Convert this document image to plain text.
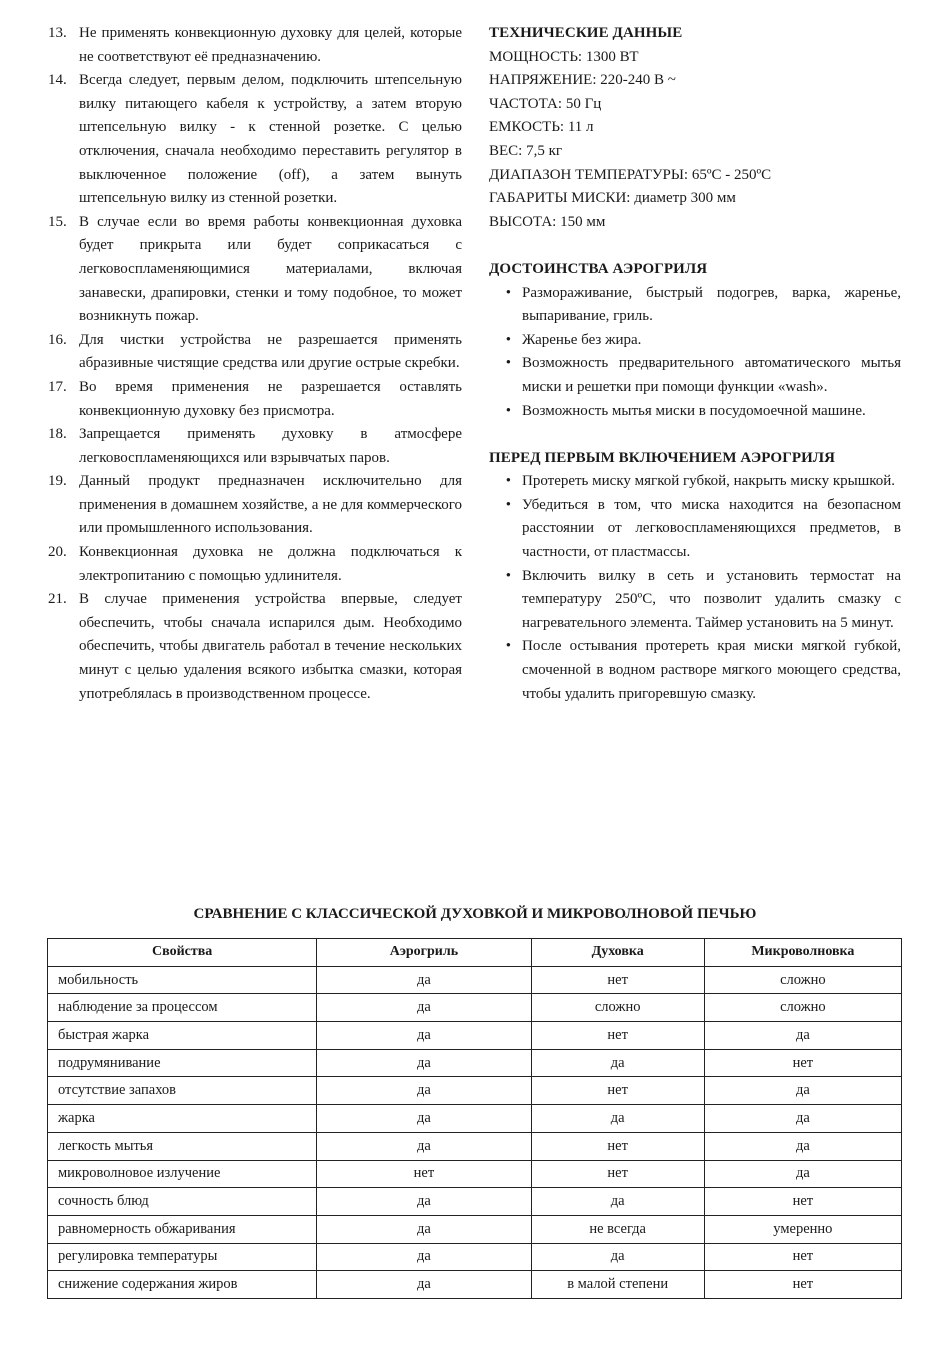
13. Не применять конвекционную духовку для целей, которые не соответствуют её предназначению.
14. Всегда следует, первым делом, подключить штепсельную вилку питающего кабеля к устройству, а затем вторую штепсельную вилку - к стенной розетке. С целью отключения, сначала необходимо переставить регулятор в выключенное положение (off), а затем вынуть штепсельную вилку из стенной розетки.
15. В случае если во время работы конвекционная духовка будет прикрыта или будет соприкасаться с легковоспламеняющимися материалами, включая занавески, драпировки, стенки и тому подобное, то может возникнуть пожар.
16. Для чистки устройства не разрешается применять абразивные чистящие средства или другие острые скребки.
17. Во время применения не разрешается оставлять конвекционную духовку без присмотра.
18. Запрещается применять духовку в атмосфере легковоспламеняющихся или взрывчатых паров.
19. Данный продукт предназначен исключительно для применения в домашнем хозяйстве, а не для коммерческого или промышленного использования.
20. Конвекционная духовка не должна подключаться к электропитанию с помощью удлинителя.
21. В случае применения устройства впервые, следует обеспечить, чтобы сначала испарился дым. Необходимо обеспечить, чтобы двигатель работал в течение нескольких минут с целью удаления всякого избытка смазки, которая употреблялась в производственном процессе.
ТЕХНИЧЕСКИЕ ДАННЫЕ
МОЩНОСТЬ: 1300 ВТ
НАПРЯЖЕНИЕ: 220-240 В ~
ЧАСТОТА: 50 Гц
ЕМКОСТЬ: 11 л
ВЕС: 7,5 кг
ДИАПАЗОН ТЕМПЕРАТУРЫ: 65ºC - 250ºC
ГАБАРИТЫ МИСКИ: диаметр 300 мм
ВЫСОТА: 150 мм
ДОСТОИНСТВА АЭРОГРИЛЯ
• Размораживание, быстрый подогрев, варка, жаренье, выпаривание, гриль.
• Жаренье без жира.
• Возможность предварительного автоматического мытья миски и решетки при помощи функции «wash».
• Возможность мытья миски в посудомоечной машине.
ПЕРЕД ПЕРВЫМ ВКЛЮЧЕНИЕМ АЭРОГРИЛЯ
• Протереть миску мягкой губкой, накрыть миску крышкой.
• Убедиться в том, что миска находится на безопасном расстоянии от легковоспламеняющихся предметов, в частности, от пластмассы.
• Включить вилку в сеть и установить термостат на температуру 250ºC, что позволит удалить смазку с нагревательного элемента. Таймер установить на 5 минут.
• После остывания протереть края миски мягкой губкой, смоченной в водном растворе мягкого моющего средства, чтобы удалить пригоревшую смазку.
СРАВНЕНИЕ С КЛАССИЧЕСКОЙ ДУХОВКОЙ И МИКРОВОЛНОВОЙ ПЕЧЬЮ
Свойства	Аэрогриль	Духовка	Микроволновка
мобильность	да	нет	сложно
наблюдение за процессом	да	сложно	сложно
быстрая жарка	да	нет	да
подрумянивание	да	да	нет
отсутствие запахов	да	нет	да
жарка	да	да	да
легкость мытья	да	нет	да
микроволновое излучение	нет	нет	да
сочность блюд	да	да	нет
равномерность обжаривания	да	не всегда	умеренно
регулировка температуры	да	да	нет
снижение содержания жиров	да	в малой степени	нет
